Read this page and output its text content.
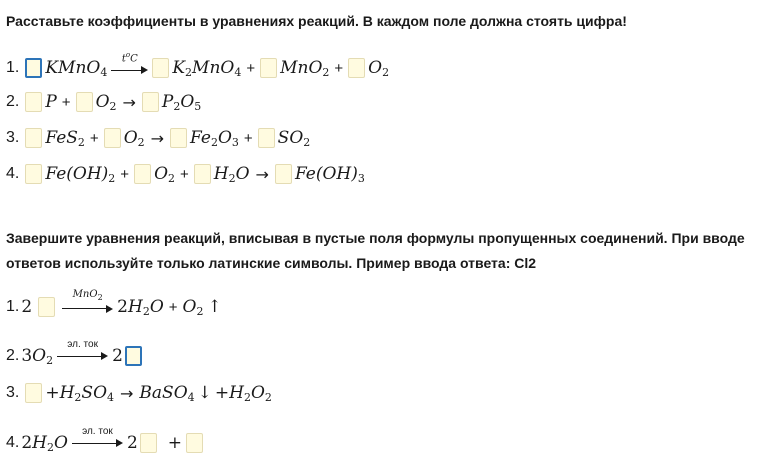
Расставьте коэффициенты в уравнениях реакций. В каждом поле должна стоять цифра!
1. KMnO$_4$
$t^oC$ $K_2MnO_4 + MnO_2 + O_2$
2. $P + O_2 \to P_2O_5$
3. $FeS_2 + O_2 \to Fe_2O_3 + SO_2$
4. $Fe(OH)_2 + O_2 + H_2O \to Fe(OH)_3$
Завершите уравнения реакций, вписывая в пустые поля формулы пропущенных соединений. При вводе
ответов используйте только латинские символы. Пример ввода ответа: Cl2
1. 2
MnO$_2$ 2 $H_2O + O_2$ ↑
2. 3 $O_2$
эл. ток
2
3. + $H_2SO_4$ → BaSO$_4$ ↓ + $H_2O_2$
4. 2 $H_2O$
эл. ток
2 +
